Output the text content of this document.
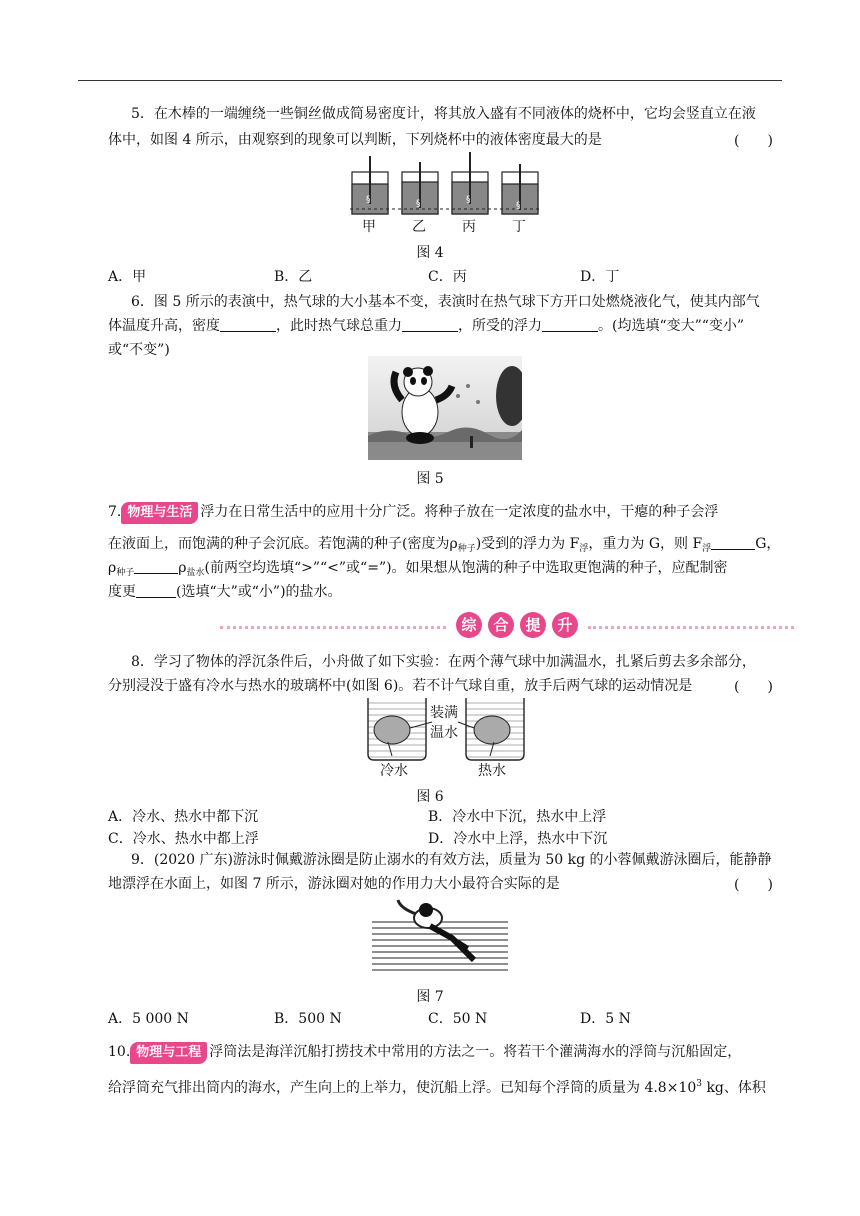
5．在木棒的一端缠绕一些铜丝做成简易密度计，将其放入盛有不同液体的烧杯中，它均会竖直立在液
体中，如图 4 所示，由观察到的现象可以判断，下列烧杯中的液体密度最大的是	(　　)
§	§	§
§
甲	乙	丙	丁
图 4
A．甲	B．乙	C．丙	D．丁
6．图 5 所示的表演中，热气球的大小基本不变，表演时在热气球下方开口处燃烧液化气，使其内部气
体温度升高，密度	，此时热气球总重力	，所受的浮力	。(均选填“变大”“变小”
或“不变”)
图 5
7. 物理与生活 浮力在日常生活中的应用十分广泛。将种子放在一定浓度的盐水中，干瘪的种子会浮
在液面上，而饱满的种子会沉底。若饱满的种子(密度为$\rho_{种子}$)受到的浮力为 $F_浮$，重力为 G，则 $F_浮$	G，
$\rho_{种子}$	$\rho_{盐水}$(前两空均选填“>”“<”或“=”)。如果想从饱满的种子中选取更饱满的种子，应配制密
度更	(选填“大”或“小”)的盐水。
综	合	提	升
8．学习了物体的浮沉条件后，小舟做了如下实验：在两个薄气球中加满温水，扎紧后剪去多余部分，
分别浸没于盛有冷水与热水的玻璃杯中(如图 6)。若不计气球自重，放手后两气球的运动情况是	(　　)
装满
温水
冷水	热水
图 6
A．冷水、热水中都下沉	B．冷水中下沉，热水中上浮
C．冷水、热水中都上浮	D．冷水中上浮，热水中下沉
9．(2020 广东)游泳时佩戴游泳圈是防止溺水的有效方法，质量为 50 kg 的小蓉佩戴游泳圈后，能静静
地漂浮在水面上，如图 7 所示，游泳圈对她的作用力大小最符合实际的是	(　　)
图 7
A．5 000 N	B．500 N	C．50 N	D．5 N
10. 物理与工程 浮筒法是海洋沉船打捞技术中常用的方法之一。将若干个灌满海水的浮筒与沉船固定，
给浮筒充气排出筒内的海水，产生向上的上举力，使沉船上浮。已知每个浮筒的质量为 $4.8\times 10^3$ kg、体积
